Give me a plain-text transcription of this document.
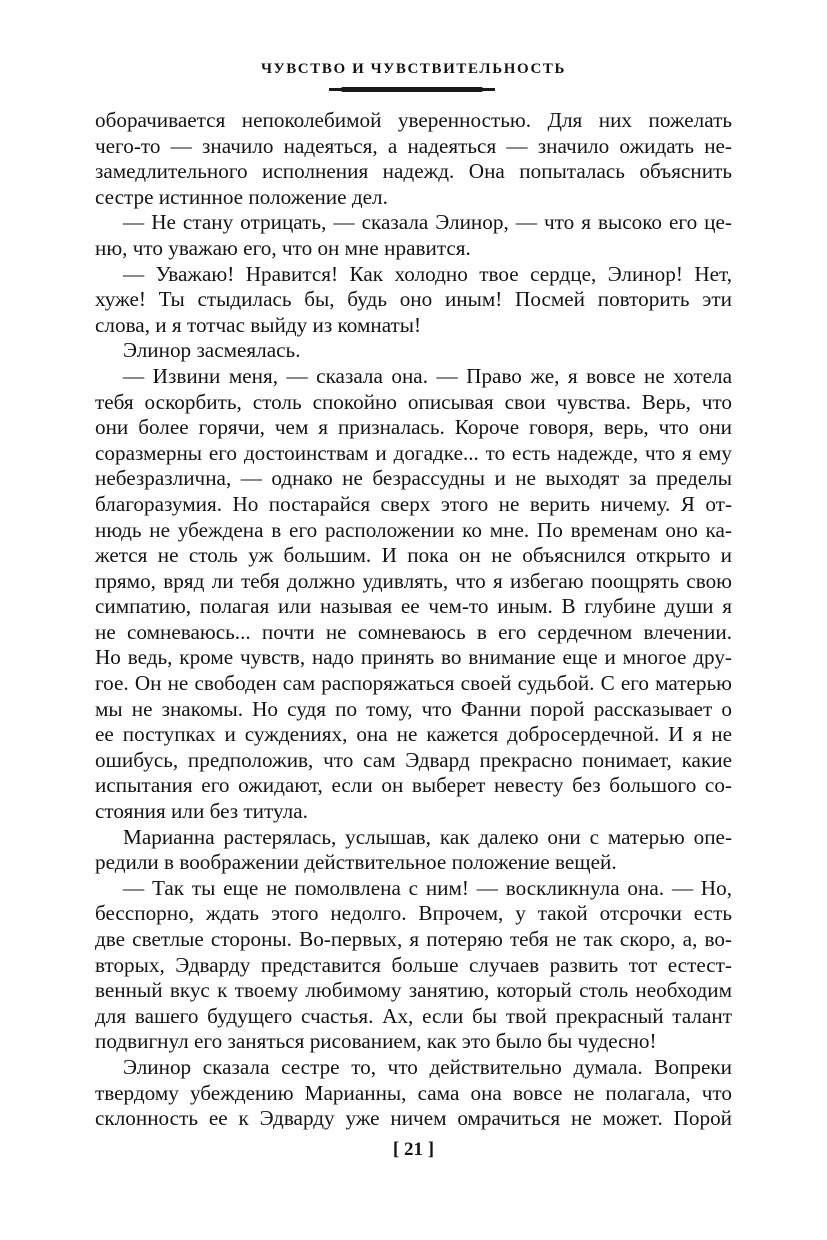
ЧУВСТВО И ЧУВСТВИТЕЛЬНОСТЬ
оборачивается непоколебимой уверенностью. Для них пожелать
чего-то — значило надеяться, а надеяться — значило ожидать не-
замедлительного исполнения надежд. Она попыталась объяснить
сестре истинное положение дел.
— Не стану отрицать, — сказала Элинор, — что я высоко его це-
ню, что уважаю его, что он мне нравится.
— Уважаю! Нравится! Как холодно твое сердце, Элинор! Нет,
хуже! Ты стыдилась бы, будь оно иным! Посмей повторить эти
слова, и я тотчас выйду из комнаты!
Элинор засмеялась.
— Извини меня, — сказала она. — Право же, я вовсе не хотела
тебя оскорбить, столь спокойно описывая свои чувства. Верь, что
они более горячи, чем я призналась. Короче говоря, верь, что они
соразмерны его достоинствам и догадке... то есть надежде, что я ему
небезразлична, — однако не безрассудны и не выходят за пределы
благоразумия. Но постарайся сверх этого не верить ничему. Я от-
нюдь не убеждена в его расположении ко мне. По временам оно ка-
жется не столь уж большим. И пока он не объяснился открыто и
прямо, вряд ли тебя должно удивлять, что я избегаю поощрять свою
симпатию, полагая или называя ее чем-то иным. В глубине души я
не сомневаюсь... почти не сомневаюсь в его сердечном влечении.
Но ведь, кроме чувств, надо принять во внимание еще и многое дру-
гое. Он не свободен сам распоряжаться своей судьбой. С его матерью
мы не знакомы. Но судя по тому, что Фанни порой рассказывает о
ее поступках и суждениях, она не кажется добросердечной. И я не
ошибусь, предположив, что сам Эдвард прекрасно понимает, какие
испытания его ожидают, если он выберет невесту без большого со-
стояния или без титула.
Марианна растерялась, услышав, как далеко они с матерью опе-
редили в воображении действительное положение вещей.
— Так ты еще не помолвлена с ним! — воскликнула она. — Но,
бесспорно, ждать этого недолго. Впрочем, у такой отсрочки есть
две светлые стороны. Во-первых, я потеряю тебя не так скоро, а, во-
вторых, Эдварду представится больше случаев развить тот естест-
венный вкус к твоему любимому занятию, который столь необходим
для вашего будущего счастья. Ах, если бы твой прекрасный талант
подвигнул его заняться рисованием, как это было бы чудесно!
Элинор сказала сестре то, что действительно думала. Вопреки
твердому убеждению Марианны, сама она вовсе не полагала, что
склонность ее к Эдварду уже ничем омрачиться не может. Порой
[ 21 ]
